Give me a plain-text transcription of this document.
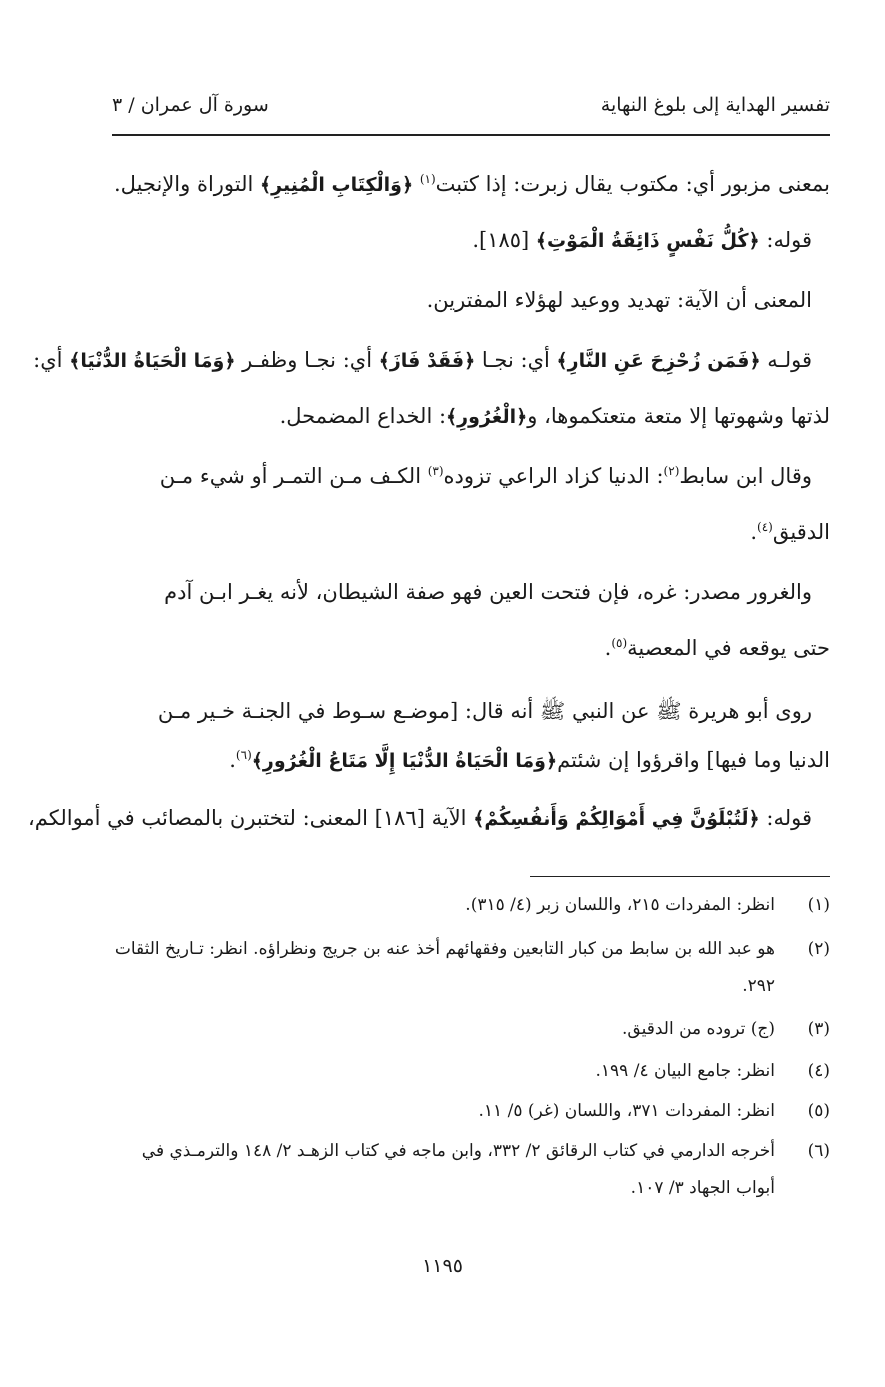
تفسير الهداية إلى بلوغ النهاية
سورة آل عمران / ٣
بمعنى مزبور أي: مكتوب يقال زبرت: إذا كتبت$^{(١)}$ ﴿وَالْكِتَابِ الْمُنِيرِ﴾ التوراة والإنجيل.
قوله: ﴿كُلُّ نَفْسٍ ذَائِقَةُ الْمَوْتِ﴾ [١٨٥].
المعنى أن الآية: تهديد ووعيد لهؤلاء المفترين.
قولـه ﴿فَمَن زُحْزِحَ عَنِ النَّارِ﴾ أي: نجـا ﴿فَقَدْ فَازَ﴾ أي: نجـا وظفـر ﴿وَمَا الْحَيَاةُ الدُّنْيَا﴾ أي:
لذتها وشهوتها إلا متعة متعتكموها، و﴿الْغُرُورِ﴾: الخداع المضمحل.
وقال ابن سابط$^{(٢)}$: الدنيا كزاد الراعي تزوده$^{(٣)}$ الكـف مـن التمـر أو شيء مـن
الدقيق$^{(٤)}$.
والغرور مصدر: غره، فإن فتحت العين فهو صفة الشيطان، لأنه يغـر ابـن آدم
حتى يوقعه في المعصية$^{(٥)}$.
روى أبو هريرة ﷺ عن النبي ﷺ أنه قال: [موضـع سـوط في الجنـة خـير مـن
الدنيا وما فيها] واقرؤوا إن شئتم﴿وَمَا الْحَيَاةُ الدُّنْيَا إِلَّا مَتَاعُ الْغُرُورِ﴾$^{(٦)}$.
قوله: ﴿لَتُبْلَوُنَّ فِي أَمْوَالِكُمْ وَأَنفُسِكُمْ﴾ الآية [١٨٦] المعنى: لتختبرن بالمصائب في أموالكم،
(١)
انظر: المفردات ٢١٥، واللسان زبر (٤/ ٣١٥).
(٢)
هو عبد الله بن سابط من كبار التابعين وفقهائهم أخذ عنه بن جريج ونظراؤه. انظر: تـاريخ الثقات ٢٩٢.
(٣)
(ج) تروده من الدقيق.
(٤)
انظر: جامع البيان ٤/ ١٩٩.
(٥)
انظر: المفردات ٣٧١، واللسان (غر) ٥/ ١١.
(٦)
أخرجه الدارمي في كتاب الرقائق ٢/ ٣٣٢، وابن ماجه في كتاب الزهـد ٢/ ١٤٨ والترمـذي في أبواب الجهاد ٣/ ١٠٧.
١١٩٥
